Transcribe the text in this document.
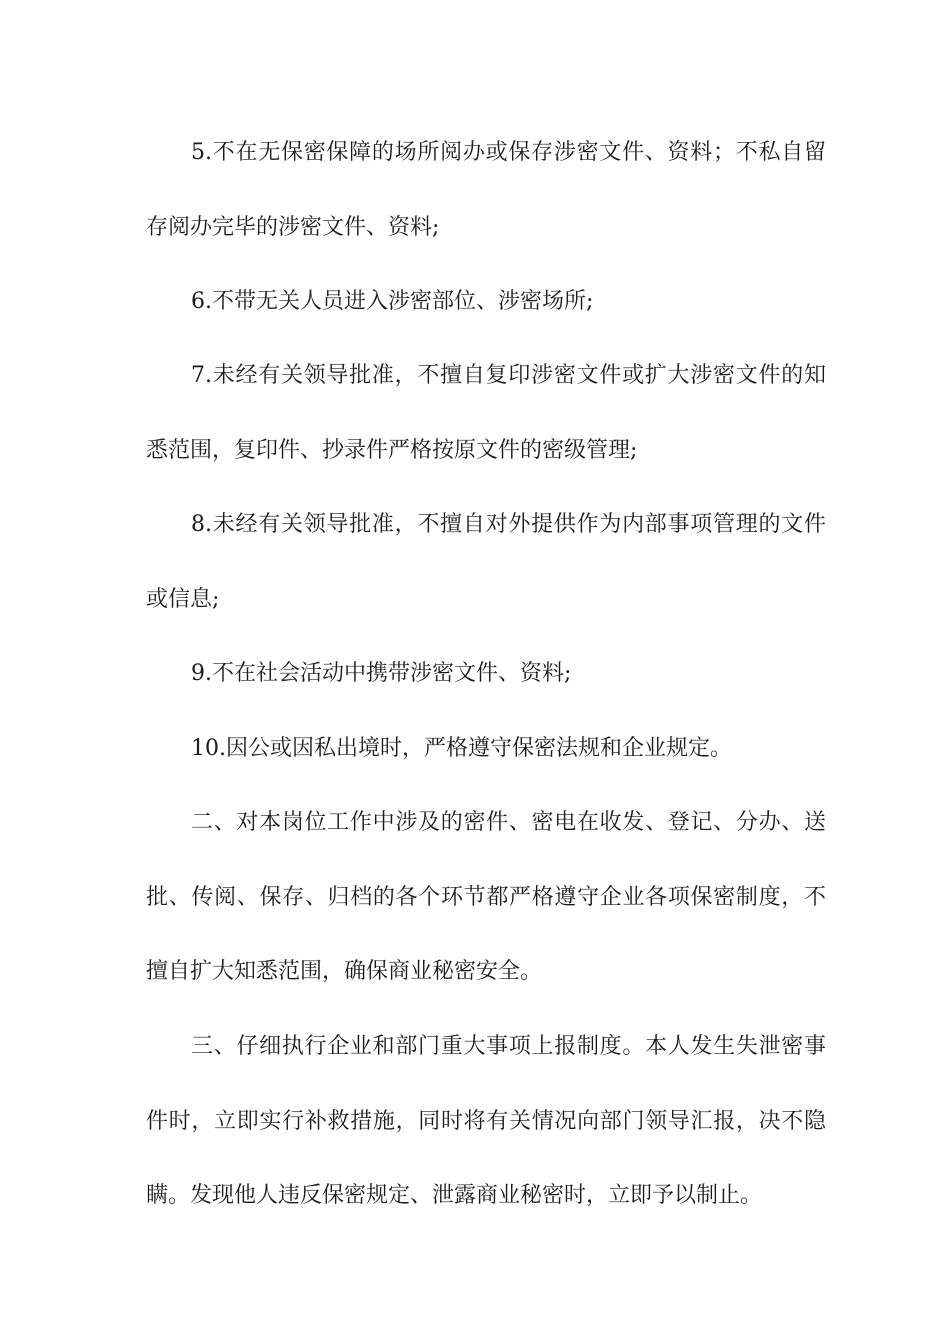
5.不在无保密保障的场所阅办或保存涉密文件、资料；不私自留存阅办完毕的涉密文件、资料;

6.不带无关人员进入涉密部位、涉密场所;

7.未经有关领导批准，不擅自复印涉密文件或扩大涉密文件的知悉范围，复印件、抄录件严格按原文件的密级管理;

8.未经有关领导批准，不擅自对外提供作为内部事项管理的文件或信息;

9.不在社会活动中携带涉密文件、资料;

10.因公或因私出境时，严格遵守保密法规和企业规定。

二、对本岗位工作中涉及的密件、密电在收发、登记、分办、送批、传阅、保存、归档的各个环节都严格遵守企业各项保密制度，不擅自扩大知悉范围，确保商业秘密安全。

三、仔细执行企业和部门重大事项上报制度。本人发生失泄密事件时，立即实行补救措施，同时将有关情况向部门领导汇报，决不隐瞒。发现他人违反保密规定、泄露商业秘密时，立即予以制止。
